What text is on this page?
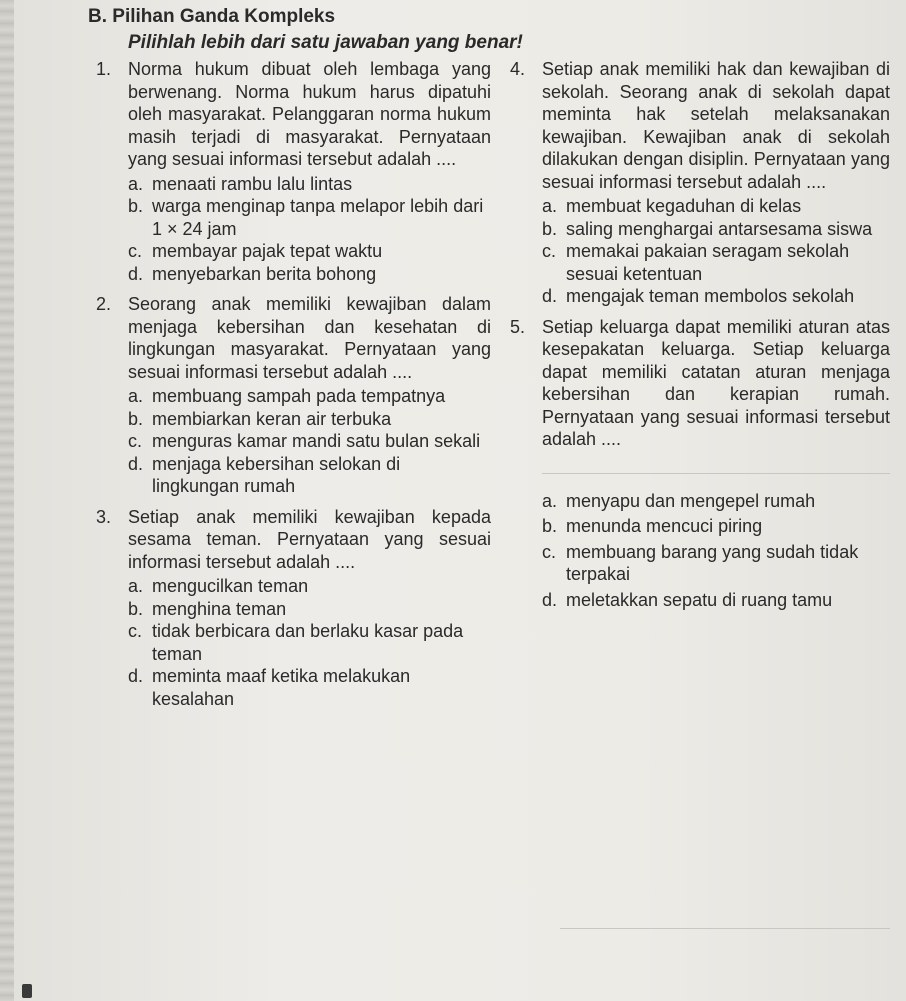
B. Pilihan Ganda Kompleks

Pilihlah lebih dari satu jawaban yang benar!

1. Norma hukum dibuat oleh lembaga yang berwenang. Norma hukum harus dipatuhi oleh masyarakat. Pelanggaran norma hukum masih terjadi di masyarakat. Pernyataan yang sesuai informasi tersebut adalah ....

a. menaati rambu lalu lintas
b. warga menginap tanpa melapor lebih dari 1 × 24 jam
c. membayar pajak tepat waktu
d. menyebarkan berita bohong
2. Seorang anak memiliki kewajiban dalam menjaga kebersihan dan kesehatan di lingkungan masyarakat. Pernyataan yang sesuai informasi tersebut adalah ....

a. membuang sampah pada tempatnya
b. membiarkan keran air terbuka
c. menguras kamar mandi satu bulan sekali
d. menjaga kebersihan selokan di lingkungan rumah
3. Setiap anak memiliki kewajiban kepada sesama teman. Pernyataan yang sesuai informasi tersebut adalah ....

a. mengucilkan teman
b. menghina teman
c. tidak berbicara dan berlaku kasar pada teman
d. meminta maaf ketika melakukan kesalahan
4. Setiap anak memiliki hak dan kewajiban di sekolah. Seorang anak di sekolah dapat meminta hak setelah melaksanakan kewajiban. Kewajiban anak di sekolah dilakukan dengan disiplin. Pernyataan yang sesuai informasi tersebut adalah ....

a. membuat kegaduhan di kelas
b. saling menghargai antarsesama siswa
c. memakai pakaian seragam sekolah sesuai ketentuan
d. mengajak teman membolos sekolah
5. Setiap keluarga dapat memiliki aturan atas kesepakatan keluarga. Setiap keluarga dapat memiliki catatan aturan menjaga kebersihan dan kerapian rumah. Pernyataan yang sesuai informasi tersebut adalah ....

a. menyapu dan mengepel rumah
b. menunda mencuci piring
c. membuang barang yang sudah tidak terpakai
d. meletakkan sepatu di ruang tamu
